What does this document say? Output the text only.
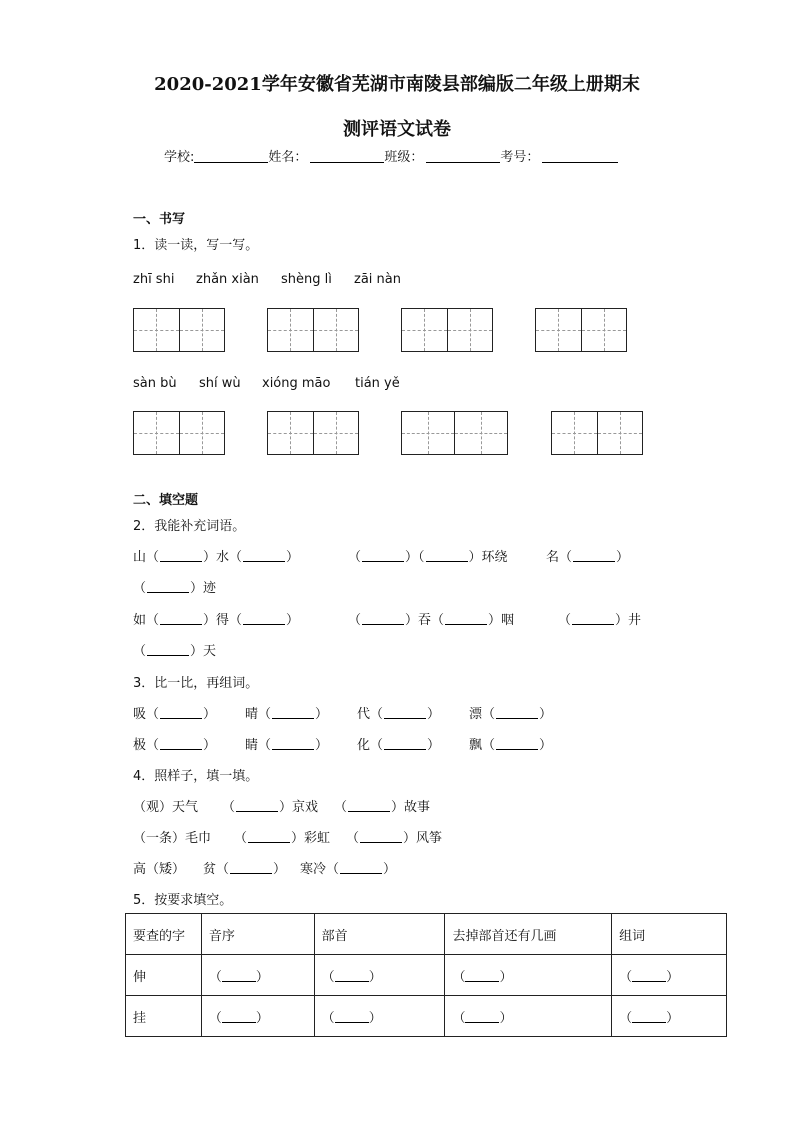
2020-2021学年安徽省芜湖市南陵县部编版二年级上册期末
测评语文试卷
学校:	姓名：	班级：	考号：
一、书写
1．读一读，写一写。
zhī shi zhǎn xiàn shèng lì zāi nàn
sàn bù shí wù xióng māo tián yě
二、填空题
2．我能补充词语。
山（	）水（	）	（	）（	）环绕	名（	）
（	）迹
如（	）得（	）	（	）吞（	）咽	（	）井
（	）天
3．比一比，再组词。
吸（	） 晴（	） 代（	） 漂（	）
极（	） 睛（	） 化（	） 飘（	）
4．照样子，填一填。
（观）天气 （	）京戏 （	）故事
（一条）毛巾 （	）彩虹 （	）风筝
高（矮） 贫（	） 寒冷（	）
5．按要求填空。
要查的字	音序	部首	去掉部首还有几画	组词
伸	（ ）	（ ）	（ ）	（ ）
挂	（ ）	（ ）	（ ）	（ ）
